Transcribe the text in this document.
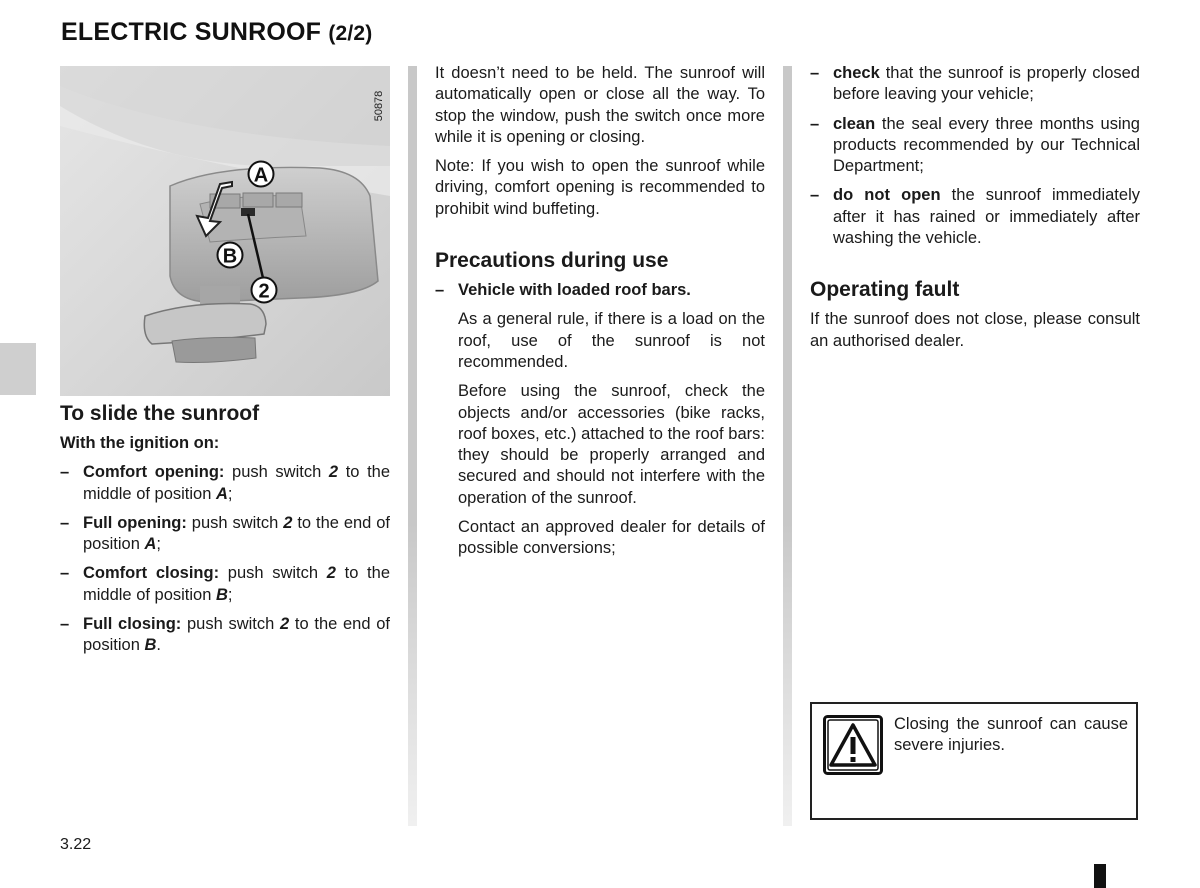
ELECTRIC SUNROOF (2/2)
A
B
2
50878
To slide the sunroof
With the ignition on:
– Comfort opening: push switch 2 to the middle of position A;
– Full opening: push switch 2 to the end of position A;
– Comfort closing: push switch 2 to the middle of position B;
– Full closing: push switch 2 to the end of position B.

It doesn’t need to be held. The sunroof will automatically open or close all the way. To stop the window, push the switch once more while it is opening or closing.

Note: If you wish to open the sunroof while driving, comfort opening is recommended to prohibit wind buffeting.

Precautions during use
– Vehicle with loaded roof bars.

As a general rule, if there is a load on the roof, use of the sunroof is not recommended.

Before using the sunroof, check the objects and/or accessories (bike racks, roof boxes, etc.) attached to the roof bars: they should be properly arranged and secured and should not interfere with the operation of the sunroof.

Contact an approved dealer for details of possible conversions;

– check that the sunroof is properly closed before leaving your vehicle;
– clean the seal every three months using products recommended by our Technical Department;
– do not open the sunroof immediately after it has rained or immediately after washing the vehicle.
Operating fault

If the sunroof does not close, please consult an authorised dealer.

Closing the sunroof can cause severe injuries.
3.22
